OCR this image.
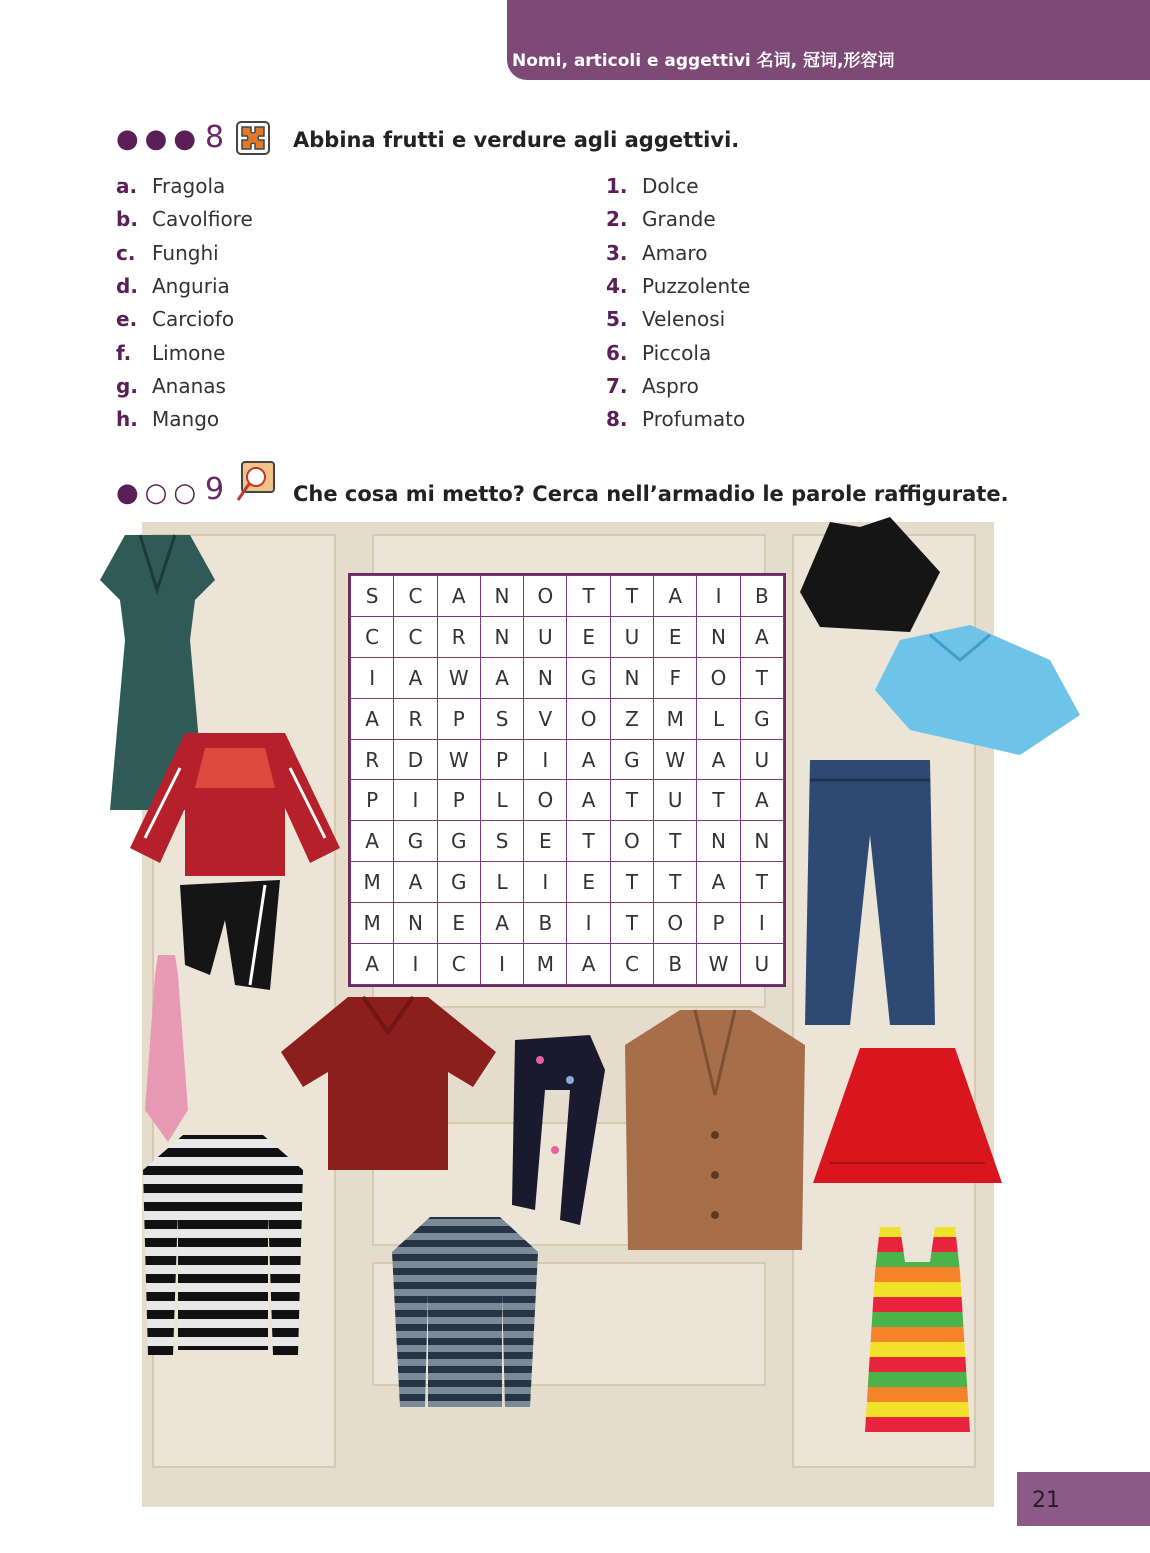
Nomi, articoli e aggettivi 名词, 冠词,形容词
●●● 8	Abbina frutti e verdure agli aggettivi.
a. Fragola
b. Cavolfiore
c. Funghi
d. Anguria
e. Carciofo
f. Limone
g. Ananas
h. Mango
1. Dolce
2. Grande
3. Amaro
4. Puzzolente
5. Velenosi
6. Piccola
7. Aspro
8. Profumato
●○○ 9	Che cosa mi metto? Cerca nell’armadio le parole raffigurate.
S	C	A	N	O	T	T	A	I	B
C	C	R	N	U	E	U	E	N	A
I	A	W	A	N	G	N	F	O	T
A	R	P	S	V	O	Z	M	L	G
R	D	W	P	I	A	G	W	A	U
P	I	P	L	O	A	T	U	T	A
A	G	G	S	E	T	O	T	N	N
M	A	G	L	I	E	T	T	A	T
M	N	E	A	B	I	T	O	P	I
A	I	C	I	M	A	C	B	W	U
21
